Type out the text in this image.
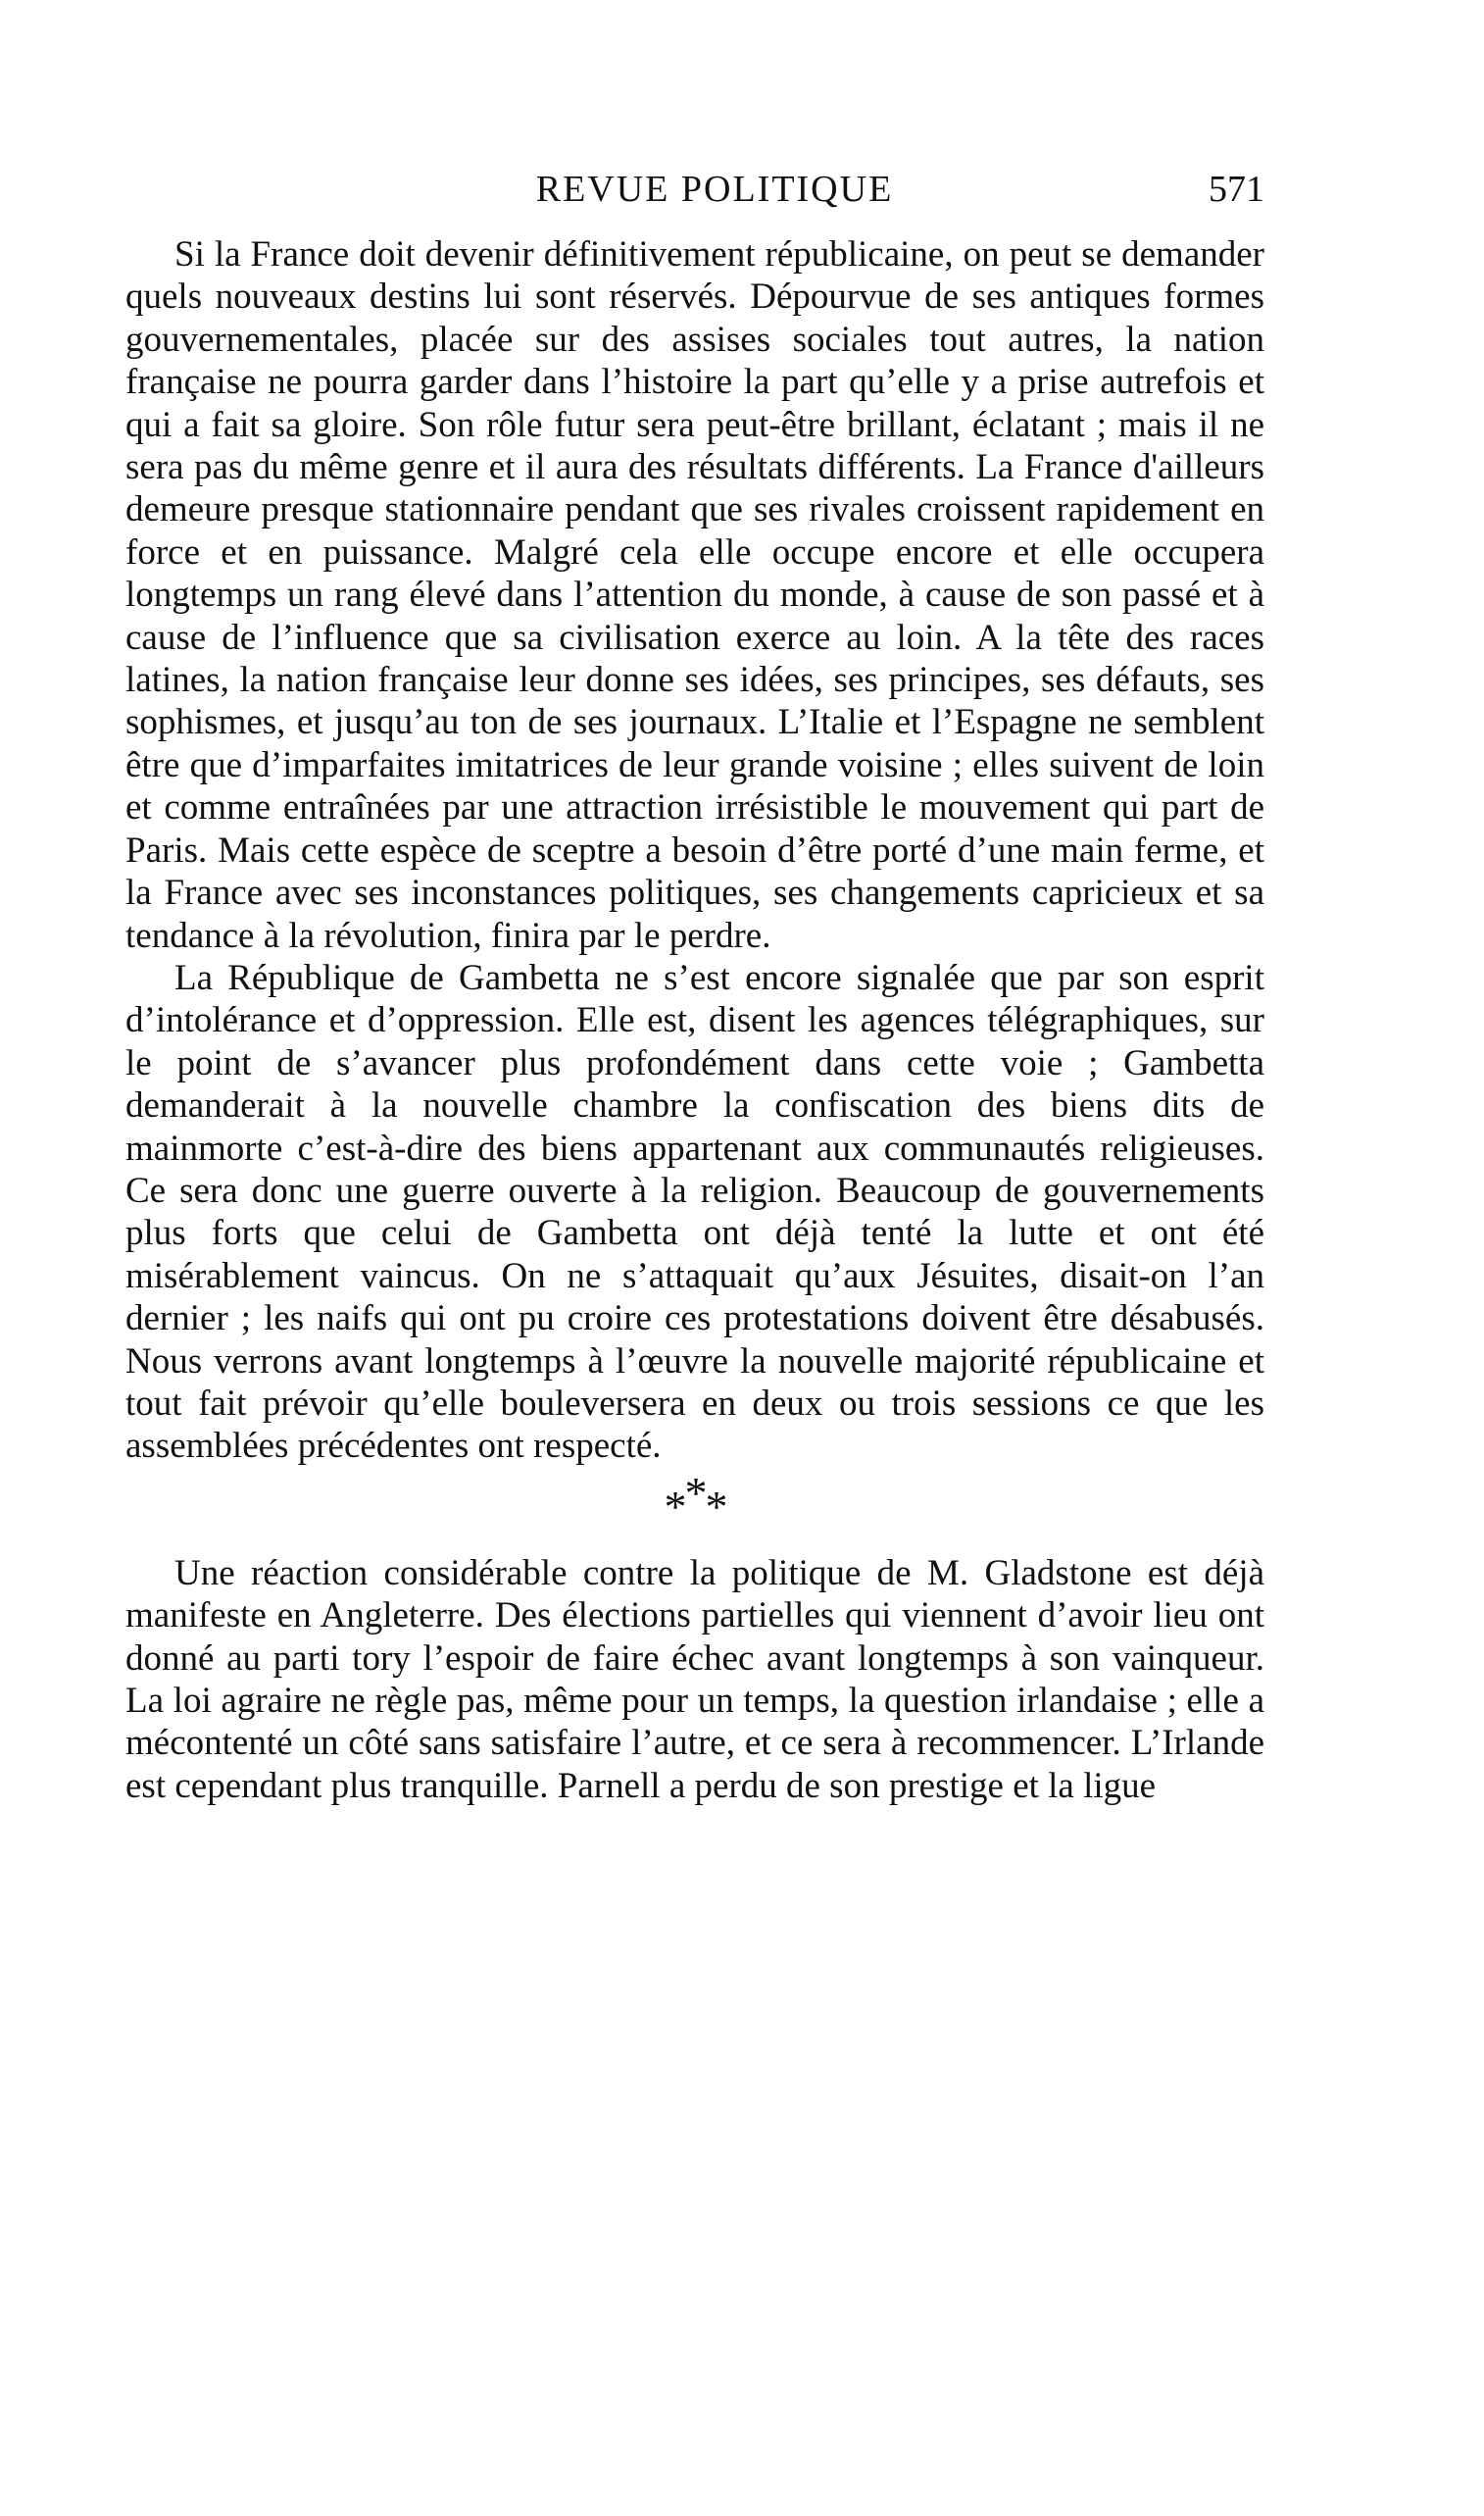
REVUE POLITIQUE	571

Si la France doit devenir définitivement républicaine, on peut se demander quels nouveaux destins lui sont réservés. Dépourvue de ses antiques formes gouvernementales, placée sur des assises sociales tout autres, la nation française ne pourra garder dans l’histoire la part qu’elle y a prise autrefois et qui a fait sa gloire. Son rôle futur sera peut-être brillant, éclatant ; mais il ne sera pas du même genre et il aura des résultats différents. La France d'ailleurs demeure presque stationnaire pendant que ses rivales croissent rapidement en force et en puissance. Malgré cela elle occupe encore et elle occupera longtemps un rang élevé dans l’attention du monde, à cause de son passé et à cause de l’influence que sa civilisation exerce au loin. A la tête des races latines, la nation française leur donne ses idées, ses principes, ses défauts, ses sophismes, et jusqu’au ton de ses journaux. L’Italie et l’Espagne ne semblent être que d’imparfaites imitatrices de leur grande voisine ; elles suivent de loin et comme entraînées par une attraction irrésistible le mouvement qui part de Paris. Mais cette espèce de sceptre a besoin d’être porté d’une main ferme, et la France avec ses inconstances politiques, ses changements capricieux et sa tendance à la révolution, finira par le perdre.

La République de Gambetta ne s’est encore signalée que par son esprit d’intolérance et d’oppression. Elle est, disent les agences télégraphiques, sur le point de s’avancer plus profondément dans cette voie ; Gambetta demanderait à la nouvelle chambre la confiscation des biens dits de mainmorte c’est-à-dire des biens appartenant aux communautés religieuses. Ce sera donc une guerre ouverte à la religion. Beaucoup de gouvernements plus forts que celui de Gambetta ont déjà tenté la lutte et ont été misérablement vaincus. On ne s’attaquait qu’aux Jésuites, disait-on l’an dernier ; les naifs qui ont pu croire ces protestations doivent être désabusés. Nous verrons avant longtemps à l’œuvre la nouvelle majorité républicaine et tout fait prévoir qu’elle bouleversera en deux ou trois sessions ce que les assemblées précédentes ont respecté.

***

Une réaction considérable contre la politique de M. Gladstone est déjà manifeste en Angleterre. Des élections partielles qui viennent d’avoir lieu ont donné au parti tory l’espoir de faire échec avant longtemps à son vainqueur. La loi agraire ne règle pas, même pour un temps, la question irlandaise ; elle a mécontenté un côté sans satisfaire l’autre, et ce sera à recommencer. L’Irlande est cependant plus tranquille. Parnell a perdu de son prestige et la ligue
